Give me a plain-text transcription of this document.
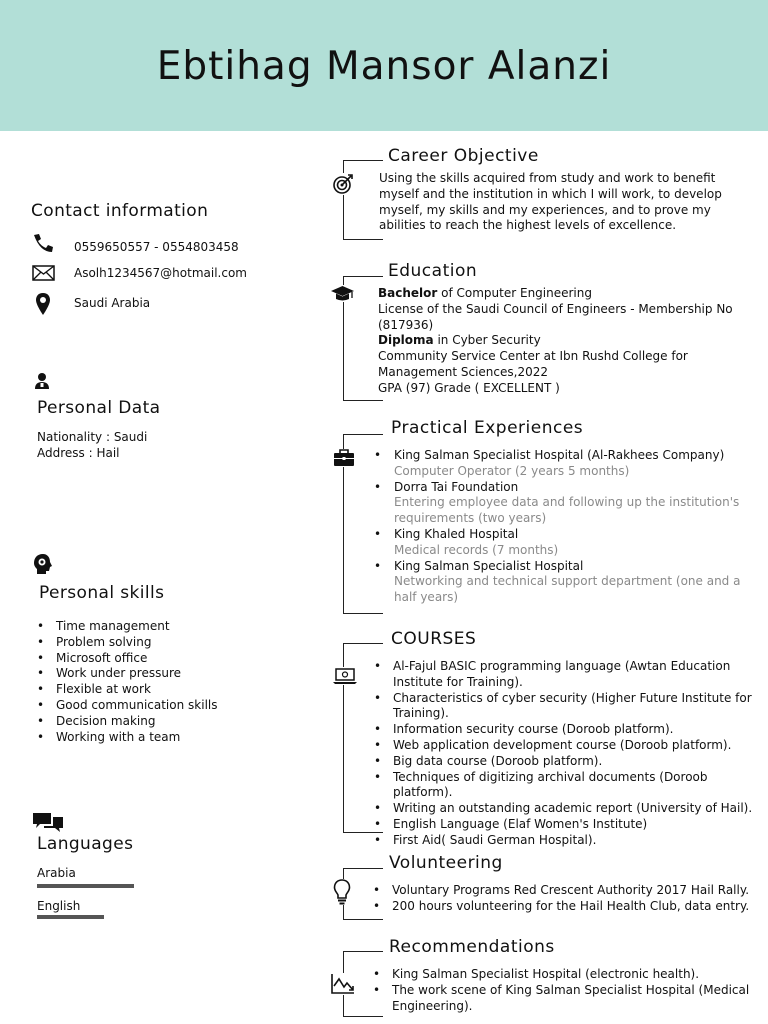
Ebtihag Mansor Alanzi
Contact information
0559650557 - 0554803458
Asolh1234567@hotmail.com
Saudi Arabia
Personal Data
Nationality : Saudi
Address : Hail
Personal skills
• Time management
• Problem solving
• Microsoft office
• Work under pressure
• Flexible at work
• Good communication skills
• Decision making
• Working with a team
Languages
Arabia
English
Career Objective
Using the skills acquired from study and work to benefit myself and the institution in which I will work, to develop myself, my skills and my experiences, and to prove my abilities to reach the highest levels of excellence.
Education
Bachelor of Computer Engineering
License of the Saudi Council of Engineers - Membership No (817936)
Diploma in Cyber Security
Community Service Center at Ibn Rushd College for Management Sciences,2022
GPA (97) Grade ( EXCELLENT )
Practical Experiences
• King Salman Specialist Hospital (Al-Rakhees Company)
Computer Operator (2 years 5 months)
• Dorra Tai Foundation
Entering employee data and following up the institution's requirements (two years)
• King Khaled Hospital
Medical records (7 months)
• King Salman Specialist Hospital
Networking and technical support department (one and a half years)
COURSES
• Al-Fajul BASIC programming language (Awtan Education Institute for Training).
• Characteristics of cyber security (Higher Future Institute for Training).
• Information security course (Doroob platform).
• Web application development course (Doroob platform).
• Big data course (Doroob platform).
• Techniques of digitizing archival documents (Doroob platform).
• Writing an outstanding academic report (University of Hail).
• English Language (Elaf Women's Institute)
• First Aid( Saudi German Hospital).
Volunteering
• Voluntary Programs Red Crescent Authority 2017 Hail Rally.
• 200 hours volunteering for the Hail Health Club, data entry.
Recommendations
• King Salman Specialist Hospital (electronic health).
• The work scene of King Salman Specialist Hospital (Medical Engineering).
